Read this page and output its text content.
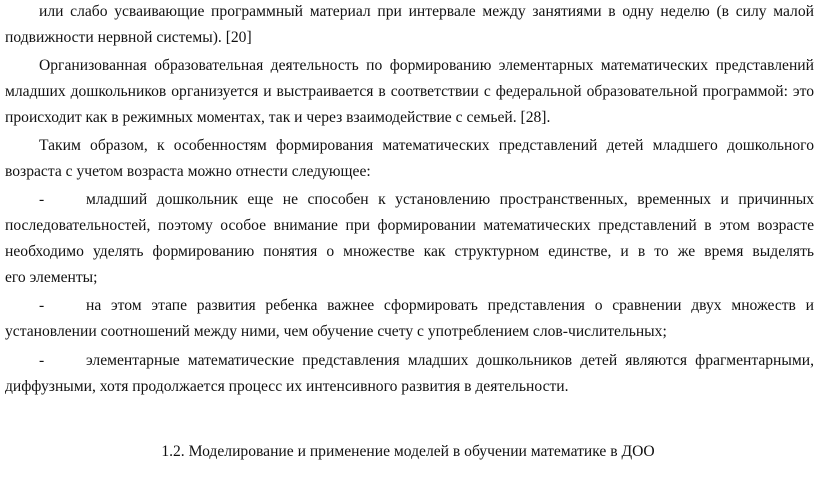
или слабо усваивающие программный материал при интервале между занятиями в одну неделю (в силу малой
подвижности нервной системы). [20]
Организованная образовательная деятельность по формированию элементарных математических представлений
младших дошкольников организуется и выстраивается в соответствии с федеральной образовательной программой: это
происходит как в режимных моментах, так и через взаимодействие с семьей. [28].
Таким образом, к особенностям формирования математических представлений детей младшего дошкольного
возраста с учетом возраста можно отнести следующее:
-	младший дошкольник еще не способен к установлению пространственных, временных и причинных
последовательностей, поэтому особое внимание при формировании математических представлений в этом возрасте
необходимо уделять формированию понятия о множестве как структурном единстве, и в то же время выделять
его элементы;
-	на этом этапе развития ребенка важнее сформировать представления о сравнении двух множеств и
установлении соотношений между ними, чем обучение счету с употреблением слов-числительных;
-	элементарные математические представления младших дошкольников детей являются фрагментарными,
диффузными, хотя продолжается процесс их интенсивного развития в деятельности.
1.2. Моделирование и применение моделей в обучении математике в ДОО
